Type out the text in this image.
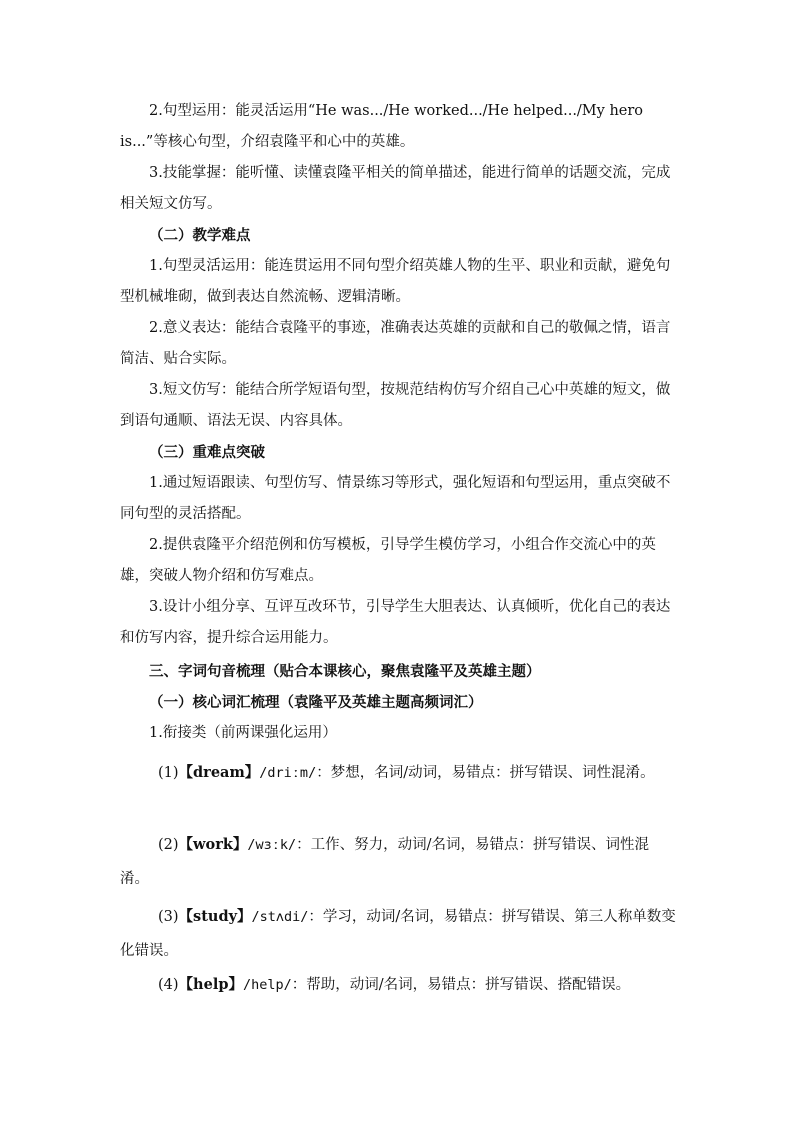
2.句型运用：能灵活运用“He was.../He worked.../He helped.../My hero is...”等核心句型，介绍袁隆平和心中的英雄。

3.技能掌握：能听懂、读懂袁隆平相关的简单描述，能进行简单的话题交流，完成相关短文仿写。

（二）教学难点

1.句型灵活运用：能连贯运用不同句型介绍英雄人物的生平、职业和贡献，避免句型机械堆砌，做到表达自然流畅、逻辑清晰。

2.意义表达：能结合袁隆平的事迹，准确表达英雄的贡献和自己的敬佩之情，语言简洁、贴合实际。

3.短文仿写：能结合所学短语句型，按规范结构仿写介绍自己心中英雄的短文，做到语句通顺、语法无误、内容具体。

（三）重难点突破

1.通过短语跟读、句型仿写、情景练习等形式，强化短语和句型运用，重点突破不同句型的灵活搭配。

2.提供袁隆平介绍范例和仿写模板，引导学生模仿学习，小组合作交流心中的英雄，突破人物介绍和仿写难点。

3.设计小组分享、互评互改环节，引导学生大胆表达、认真倾听，优化自己的表达和仿写内容，提升综合运用能力。

三、字词句音梳理（贴合本课核心，聚焦袁隆平及英雄主题）

（一）核心词汇梳理（袁隆平及英雄主题高频词汇）

1.衔接类（前两课强化运用）

(1)【dream】/driːm/：梦想，名词/动词，易错点：拼写错误、词性混淆。

(2)【work】/wɜːk/：工作、努力，动词/名词，易错点：拼写错误、词性混淆。

(3)【study】/stʌdi/：学习，动词/名词，易错点：拼写错误、第三人称单数变化错误。

(4)【help】/help/：帮助，动词/名词，易错点：拼写错误、搭配错误。
